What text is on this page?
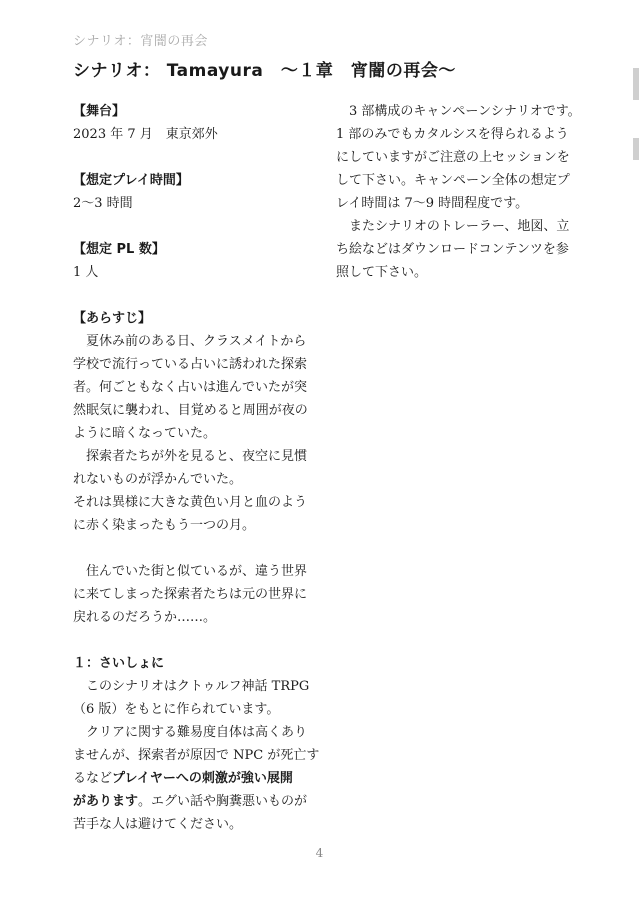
シナリオ：宵闇の再会
シナリオ： Tamayura　～１章　宵闇の再会～
【舞台】
2023 年 7 月　東京郊外
【想定プレイ時間】
2～3 時間
【想定 PL 数】
1 人
【あらすじ】
夏休み前のある日、クラスメイトから
学校で流行っている占いに誘われた探索
者。何ごともなく占いは進んでいたが突
然眠気に襲われ、目覚めると周囲が夜の
ように暗くなっていた。
探索者たちが外を見ると、夜空に見慣
れないものが浮かんでいた。
それは異様に大きな黄色い月と血のよう
に赤く染まったもう一つの月。
住んでいた街と似ているが、違う世界
に来てしまった探索者たちは元の世界に
戻れるのだろうか……。
１：さいしょに
このシナリオはクトゥルフ神話 TRPG
（6 版）をもとに作られています。
クリアに関する難易度自体は高くあり
ませんが、探索者が原因で NPC が死亡す
るなどプレイヤーへの刺激が強い展開
があります。エグい話や胸糞悪いものが
苦手な人は避けてください。
3 部構成のキャンペーンシナリオです。
1 部のみでもカタルシスを得られるよう
にしていますがご注意の上セッションを
して下さい。キャンペーン全体の想定プ
レイ時間は 7～9 時間程度です。
またシナリオのトレーラー、地図、立
ち絵などはダウンロードコンテンツを参
照して下さい。
4
